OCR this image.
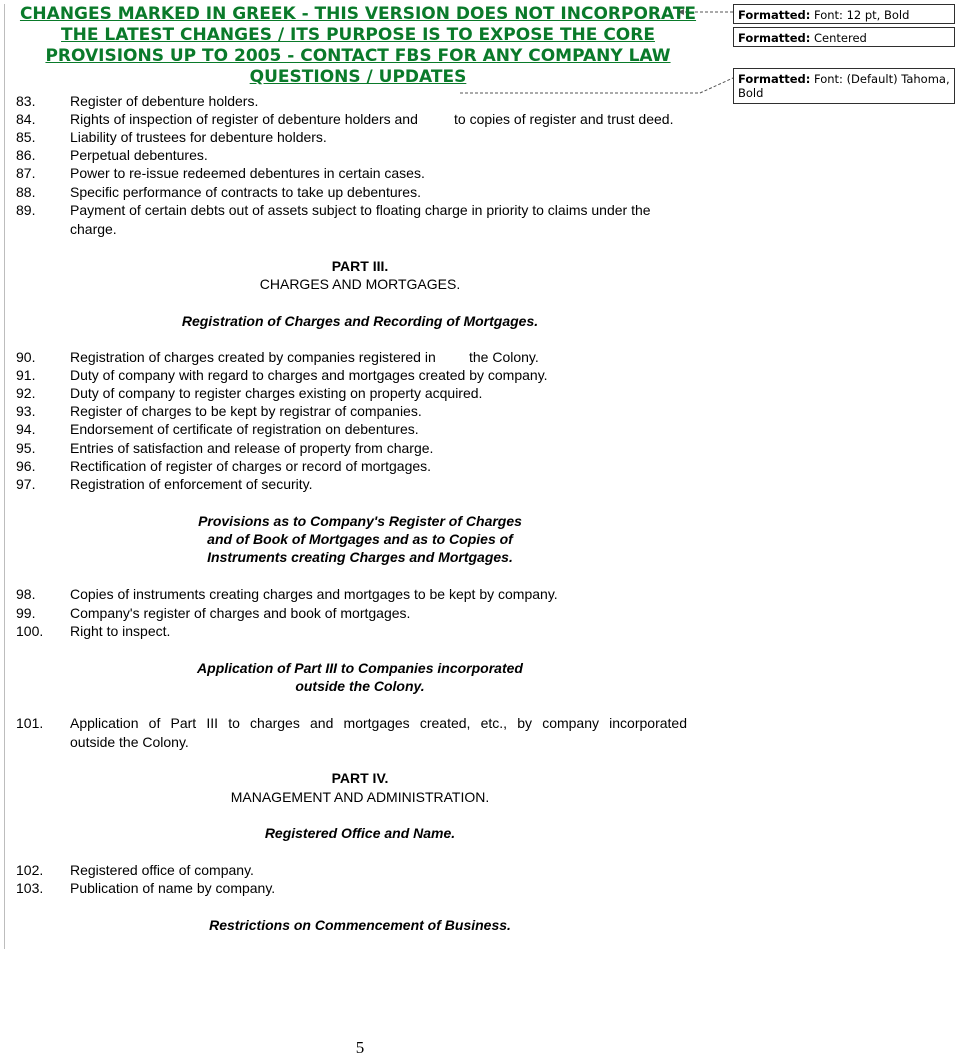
CHANGES MARKED IN GREEK - THIS VERSION DOES NOT INCORPORATE
THE LATEST CHANGES / ITS PURPOSE IS TO EXPOSE THE CORE
PROVISIONS UP TO 2005 - CONTACT FBS FOR ANY COMPANY LAW
QUESTIONS / UPDATES
Formatted: Font: 12 pt, Bold
Formatted: Centered
Formatted: Font: (Default) Tahoma, Bold
83. Register of debenture holders.
84. Rights of inspection of register of debenture holders and	to copies of register and trust deed.
85. Liability of trustees for debenture holders.
86. Perpetual debentures.
87. Power to re-issue redeemed debentures in certain cases.
88. Specific performance of contracts to take up debentures.
89. Payment of certain debts out of assets subject to floating charge in priority to claims under the
charge.
PART III.
CHARGES AND MORTGAGES.
Registration of Charges and Recording of Mortgages.
90. Registration of charges created by companies registered in the Colony.
91. Duty of company with regard to charges and mortgages created by company.
92. Duty of company to register charges existing on property acquired.
93. Register of charges to be kept by registrar of companies.
94. Endorsement of certificate of registration on debentures.
95. Entries of satisfaction and release of property from charge.
96. Rectification of register of charges or record of mortgages.
97. Registration of enforcement of security.
Provisions as to Company's Register of Charges
and of Book of Mortgages and as to Copies of
Instruments creating Charges and Mortgages.
98. Copies of instruments creating charges and mortgages to be kept by company.
99. Company's register of charges and book of mortgages.
100. Right to inspect.
Application of Part III to Companies incorporated
outside the Colony.
101. Application of Part III to charges and mortgages created, etc., by company incorporated
outside the Colony.
PART IV.
MANAGEMENT AND ADMINISTRATION.
Registered Office and Name.
102. Registered office of company.
103. Publication of name by company.
Restrictions on Commencement of Business.
5
